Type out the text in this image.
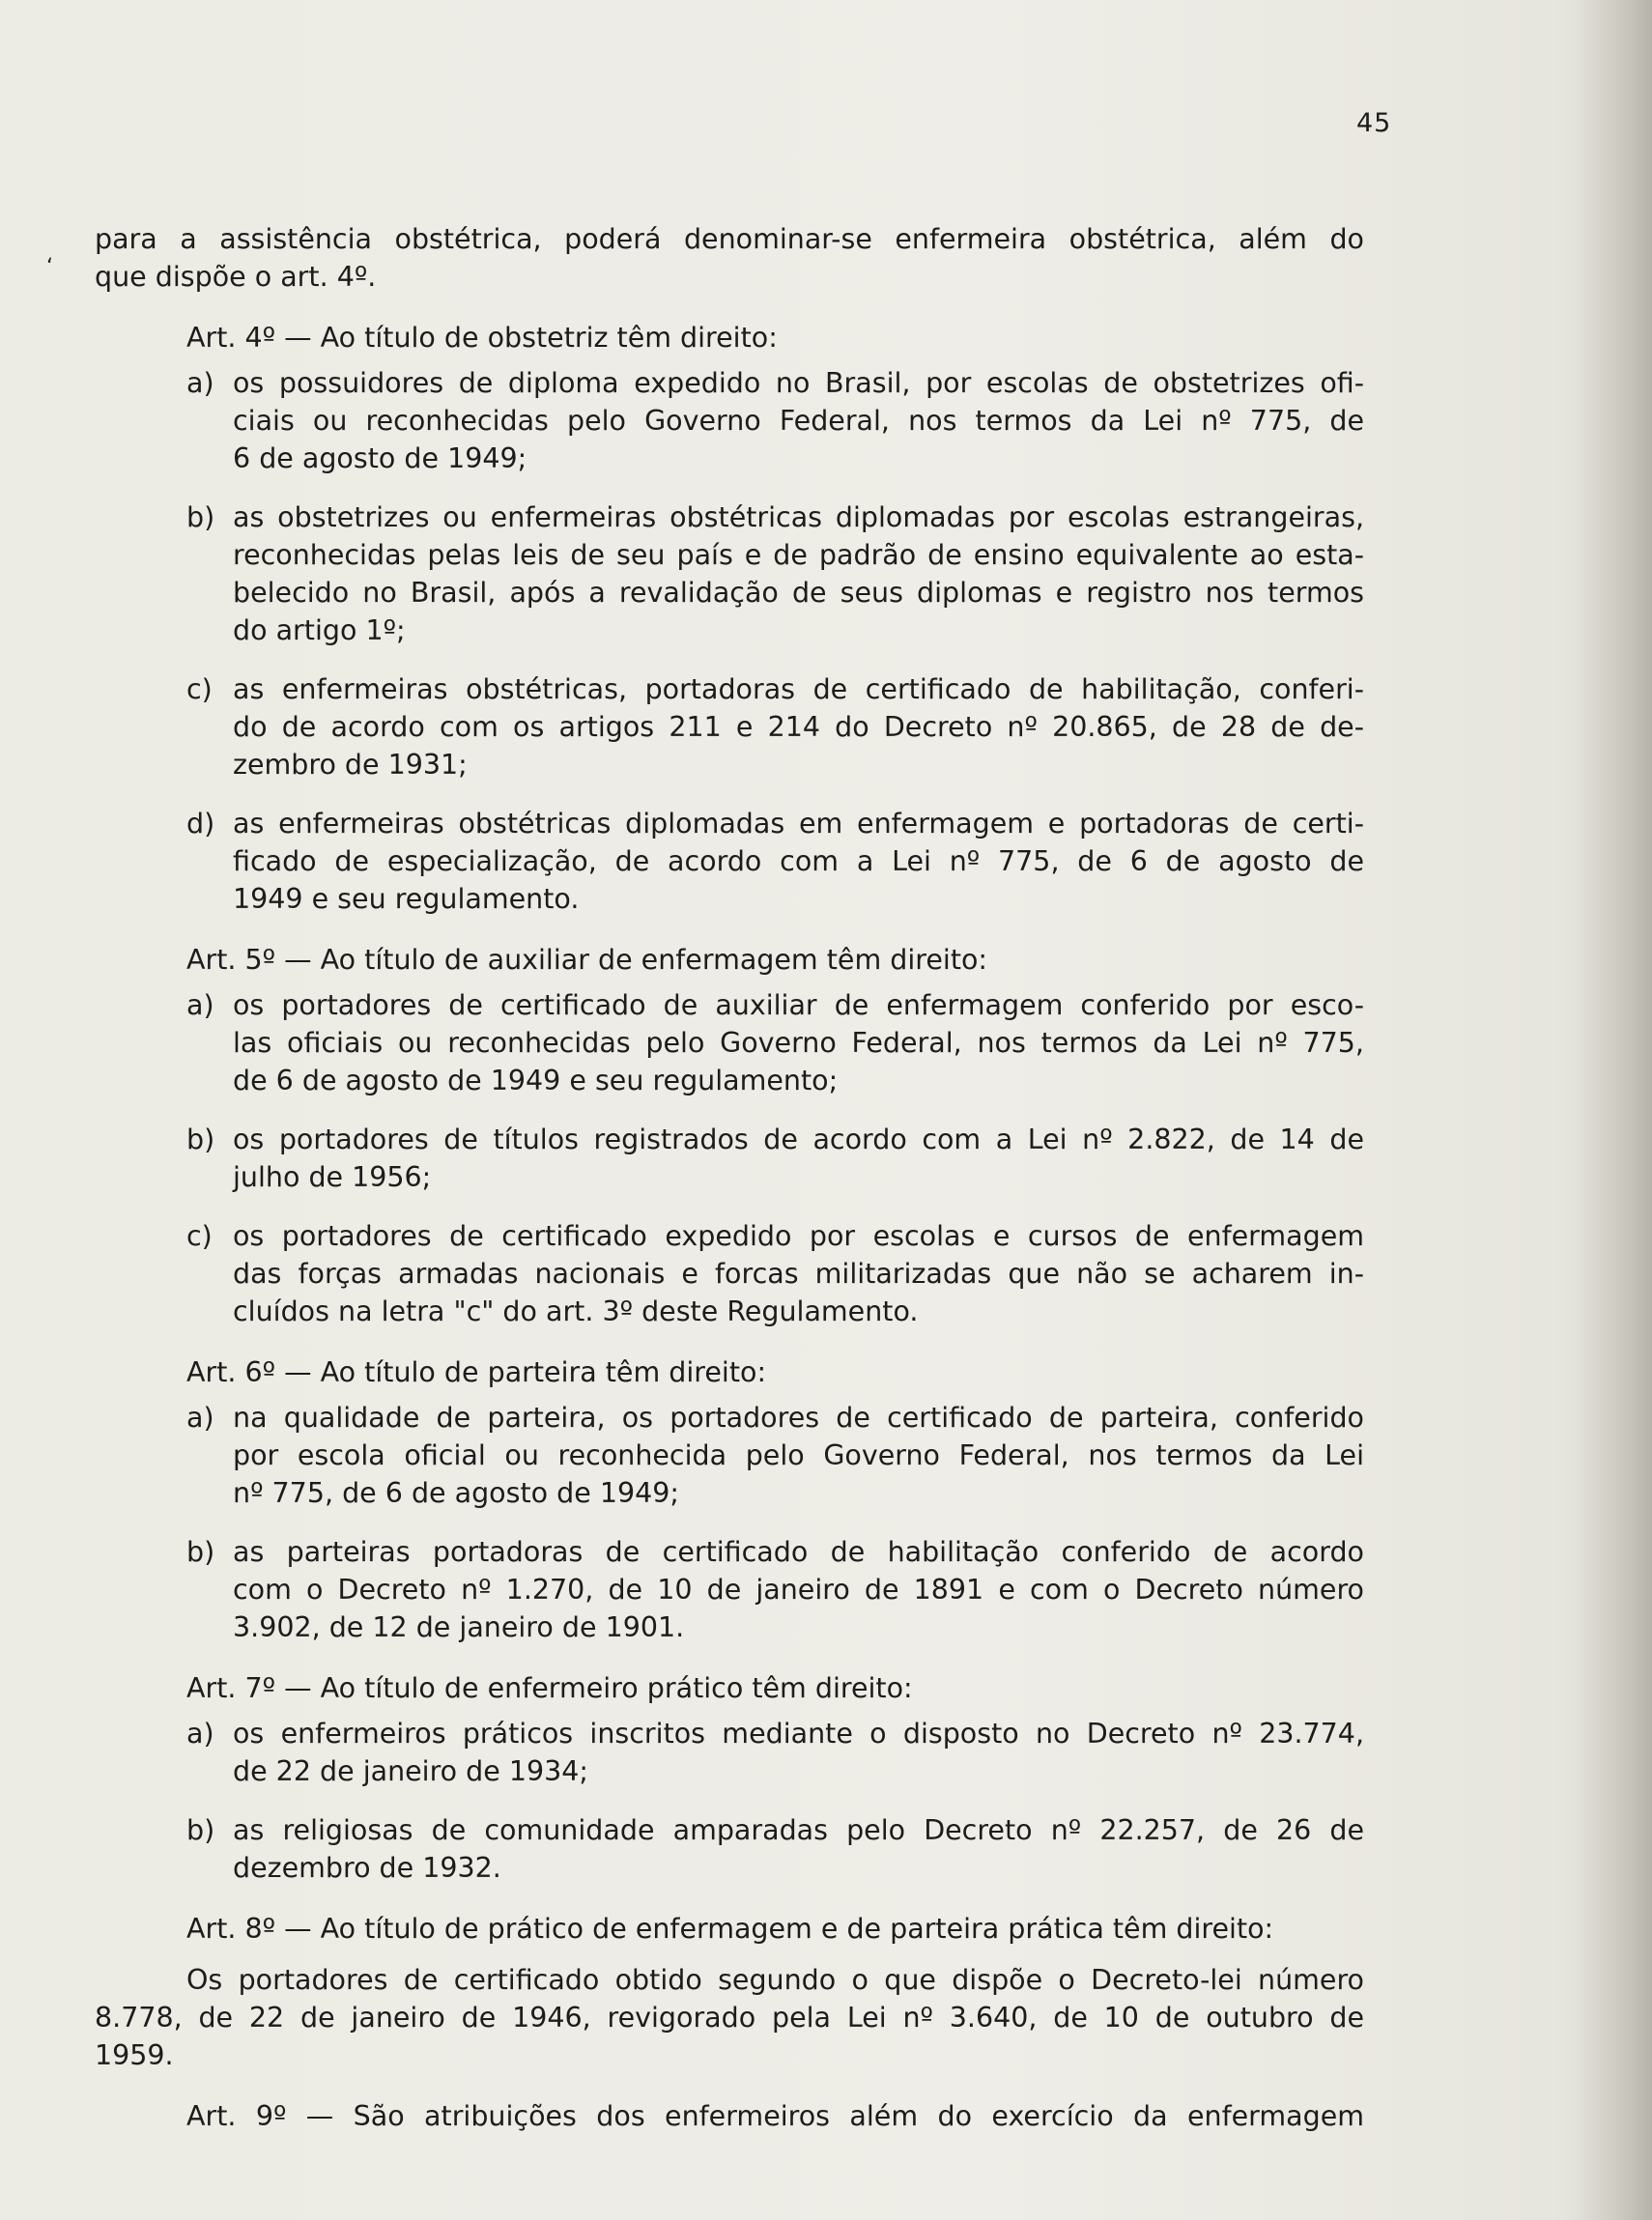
45
‘

para a assistência obstétrica, poderá denominar-se enfermeira obstétrica, além do

que dispõe o art. 4º.

Art. 4º — Ao título de obstetriz têm direito:

a) os possuidores de diploma expedido no Brasil, por escolas de obstetrizes ofi-

ciais ou reconhecidas pelo Governo Federal, nos termos da Lei nº 775, de

6 de agosto de 1949;

b) as obstetrizes ou enfermeiras obstétricas diplomadas por escolas estrangeiras,

reconhecidas pelas leis de seu país e de padrão de ensino equivalente ao esta-

belecido no Brasil, após a revalidação de seus diplomas e registro nos termos

do artigo 1º;

c) as enfermeiras obstétricas, portadoras de certificado de habilitação, conferi-

do de acordo com os artigos 211 e 214 do Decreto nº 20.865, de 28 de de-

zembro de 1931;

d) as enfermeiras obstétricas diplomadas em enfermagem e portadoras de certi-

ficado de especialização, de acordo com a Lei nº 775, de 6 de agosto de

1949 e seu regulamento.

Art. 5º — Ao título de auxiliar de enfermagem têm direito:

a) os portadores de certificado de auxiliar de enfermagem conferido por esco-

las oficiais ou reconhecidas pelo Governo Federal, nos termos da Lei nº 775,

de 6 de agosto de 1949 e seu regulamento;

b) os portadores de títulos registrados de acordo com a Lei nº 2.822, de 14 de

julho de 1956;

c) os portadores de certificado expedido por escolas e cursos de enfermagem

das forças armadas nacionais e forcas militarizadas que não se acharem in-

cluídos na letra "c" do art. 3º deste Regulamento.

Art. 6º — Ao título de parteira têm direito:

a) na qualidade de parteira, os portadores de certificado de parteira, conferido

por escola oficial ou reconhecida pelo Governo Federal, nos termos da Lei

nº 775, de 6 de agosto de 1949;

b) as parteiras portadoras de certificado de habilitação conferido de acordo

com o Decreto nº 1.270, de 10 de janeiro de 1891 e com o Decreto número

3.902, de 12 de janeiro de 1901.

Art. 7º — Ao título de enfermeiro prático têm direito:

a) os enfermeiros práticos inscritos mediante o disposto no Decreto nº 23.774,

de 22 de janeiro de 1934;

b) as religiosas de comunidade amparadas pelo Decreto nº 22.257, de 26 de

dezembro de 1932.

Art. 8º — Ao título de prático de enfermagem e de parteira prática têm direito:

Os portadores de certificado obtido segundo o que dispõe o Decreto-lei número

8.778, de 22 de janeiro de 1946, revigorado pela Lei nº 3.640, de 10 de outubro de

1959.

Art. 9º — São atribuições dos enfermeiros além do exercício da enfermagem
